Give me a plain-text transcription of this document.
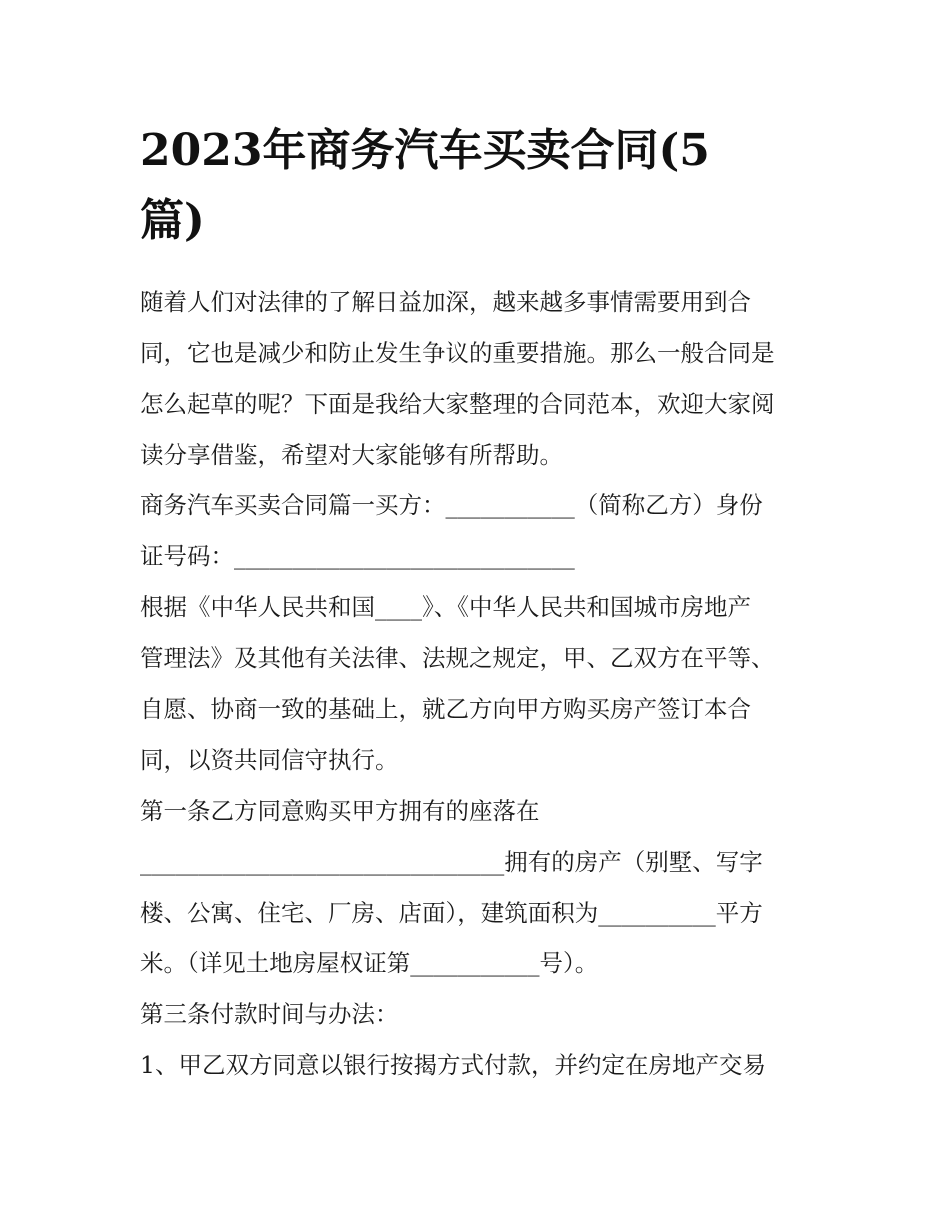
2023年商务汽车买卖合同(5
篇)

随着人们对法律的了解日益加深，越来越多事情需要用到合

同，它也是减少和防止发生争议的重要措施。那么一般合同是

怎么起草的呢？下面是我给大家整理的合同范本，欢迎大家阅

读分享借鉴，希望对大家能够有所帮助。

商务汽车买卖合同篇一买方：___________（简称乙方）身份

证号码：_____________________________

根据《中华人民共和国____》、《中华人民共和国城市房地产

管理法》及其他有关法律、法规之规定，甲、乙双方在平等、

自愿、协商一致的基础上，就乙方向甲方购买房产签订本合

同，以资共同信守执行。

第一条乙方同意购买甲方拥有的座落在

_______________________________拥有的房产（别墅、写字

楼、公寓、住宅、厂房、店面），建筑面积为__________平方

米。（详见土地房屋权证第___________号）。

第三条付款时间与办法：

1、甲乙双方同意以银行按揭方式付款，并约定在房地产交易
